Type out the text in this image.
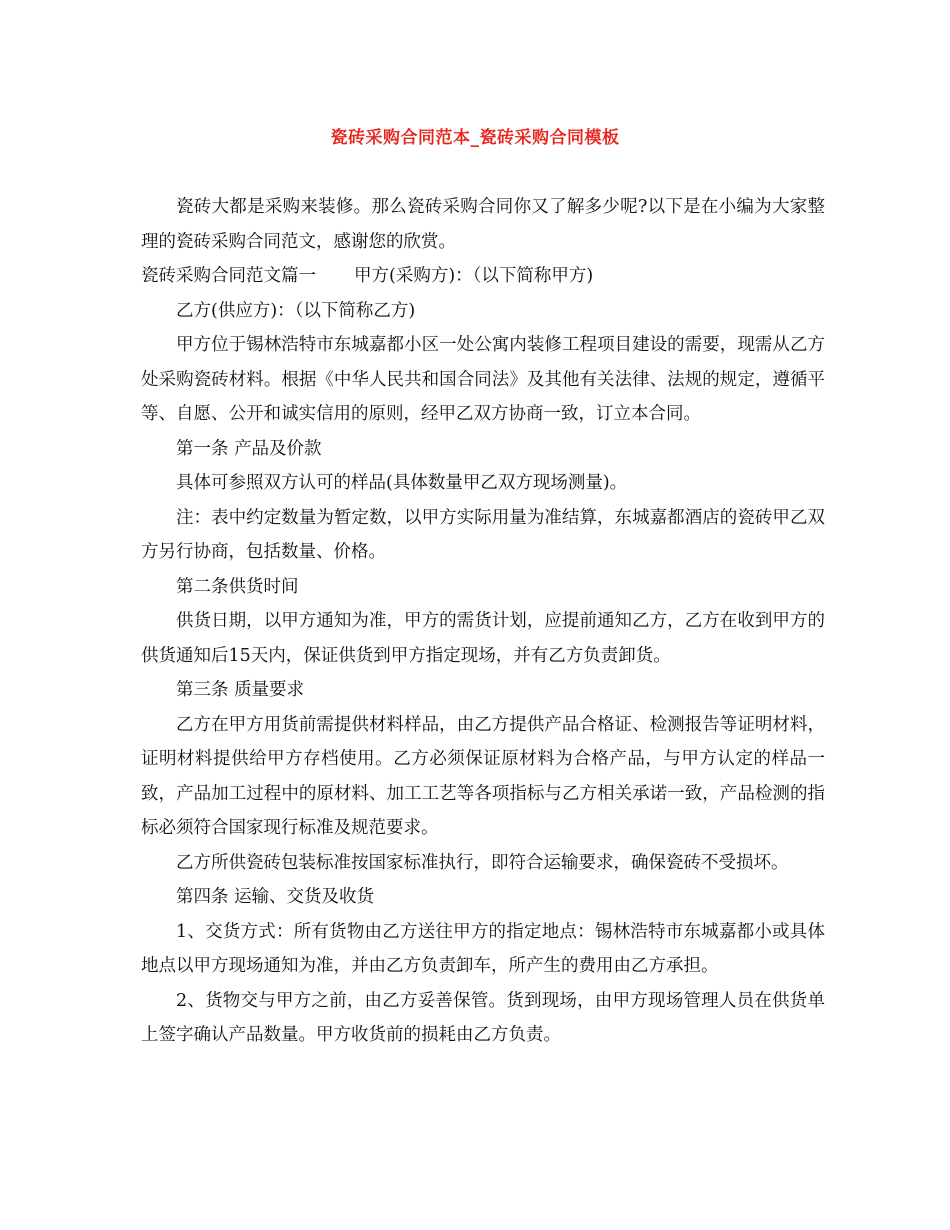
瓷砖采购合同范本_瓷砖采购合同模板

瓷砖大都是采购来装修。那么瓷砖采购合同你又了解多少呢?以下是在小编为大家整理的瓷砖采购合同范文，感谢您的欣赏。

瓷砖采购合同范文篇一 甲方(采购方)：（以下简称甲方)

乙方(供应方)：（以下简称乙方)

甲方位于锡林浩特市东城嘉都小区一处公寓内装修工程项目建设的需要，现需从乙方处采购瓷砖材料。根据《中华人民共和国合同法》及其他有关法律、法规的规定，遵循平等、自愿、公开和诚实信用的原则，经甲乙双方协商一致，订立本合同。

第一条 产品及价款

具体可参照双方认可的样品(具体数量甲乙双方现场测量)。

注：表中约定数量为暂定数，以甲方实际用量为准结算，东城嘉都酒店的瓷砖甲乙双方另行协商，包括数量、价格。

第二条供货时间

供货日期，以甲方通知为准，甲方的需货计划，应提前通知乙方，乙方在收到甲方的供货通知后15天内，保证供货到甲方指定现场，并有乙方负责卸货。

第三条 质量要求

乙方在甲方用货前需提供材料样品，由乙方提供产品合格证、检测报告等证明材料，证明材料提供给甲方存档使用。乙方必须保证原材料为合格产品，与甲方认定的样品一致，产品加工过程中的原材料、加工工艺等各项指标与乙方相关承诺一致，产品检测的指标必须符合国家现行标准及规范要求。

乙方所供瓷砖包装标准按国家标准执行，即符合运输要求，确保瓷砖不受损坏。

第四条 运输、交货及收货

1、交货方式：所有货物由乙方送往甲方的指定地点：锡林浩特市东城嘉都小或具体地点以甲方现场通知为准，并由乙方负责卸车，所产生的费用由乙方承担。

2、货物交与甲方之前，由乙方妥善保管。货到现场，由甲方现场管理人员在供货单上签字确认产品数量。甲方收货前的损耗由乙方负责。
